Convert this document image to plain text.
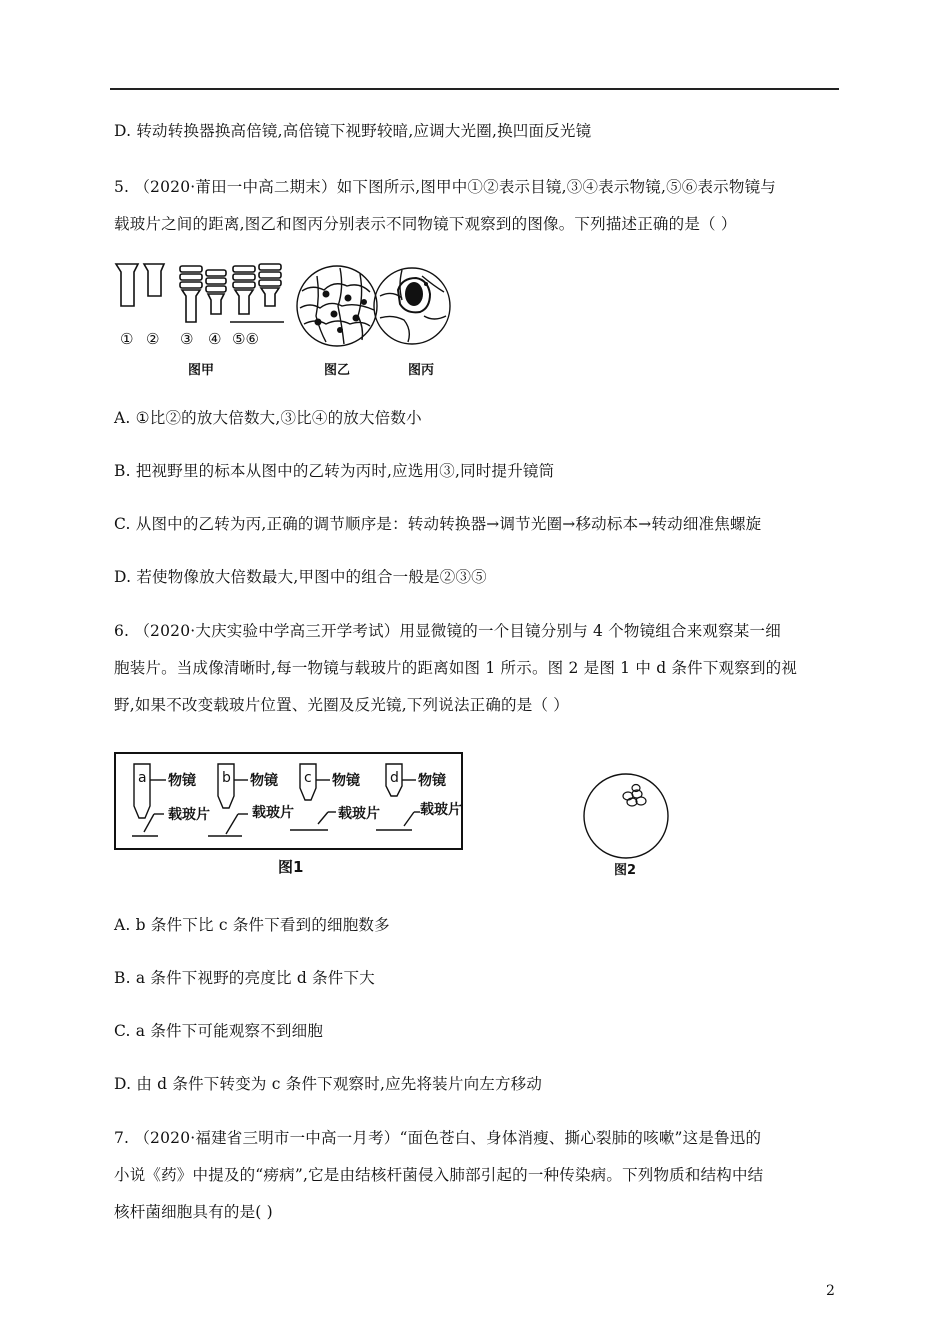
D. 转动转换器换高倍镜,高倍镜下视野较暗,应调大光圈,换凹面反光镜
5. （2020·莆田一中高二期末）如下图所示,图甲中①②表示目镜,③④表示物镜,⑤⑥表示物镜与
载玻片之间的距离,图乙和图丙分别表示不同物镜下观察到的图像。下列描述正确的是（ ）
① ② ③ ④ ⑤⑥
图甲	图乙	图丙
A. ①比②的放大倍数大,③比④的放大倍数小
B. 把视野里的标本从图中的乙转为丙时,应选用③,同时提升镜筒
C. 从图中的乙转为丙,正确的调节顺序是：转动转换器→调节光圈→移动标本→转动细准焦螺旋
D. 若使物像放大倍数最大,甲图中的组合一般是②③⑤
6. （2020·大庆实验中学高三开学考试）用显微镜的一个目镜分别与 4 个物镜组合来观察某一细
胞装片。当成像清晰时,每一物镜与载玻片的距离如图 1 所示。图 2 是图 1 中 d 条件下观察到的视
野,如果不改变载玻片位置、光圈及反光镜,下列说法正确的是（ ）
a	b	c	d
物镜	物镜	物镜	物镜
载玻片	载玻片	载玻片	载玻片
图1	图2
A. b 条件下比 c 条件下看到的细胞数多
B. a 条件下视野的亮度比 d 条件下大
C. a 条件下可能观察不到细胞
D. 由 d 条件下转变为 c 条件下观察时,应先将装片向左方移动
7. （2020·福建省三明市一中高一月考）“面色苍白、身体消瘦、撕心裂肺的咳嗽”这是鲁迅的
小说《药》中提及的“痨病”,它是由结核杆菌侵入肺部引起的一种传染病。下列物质和结构中结
核杆菌细胞具有的是( )
2
